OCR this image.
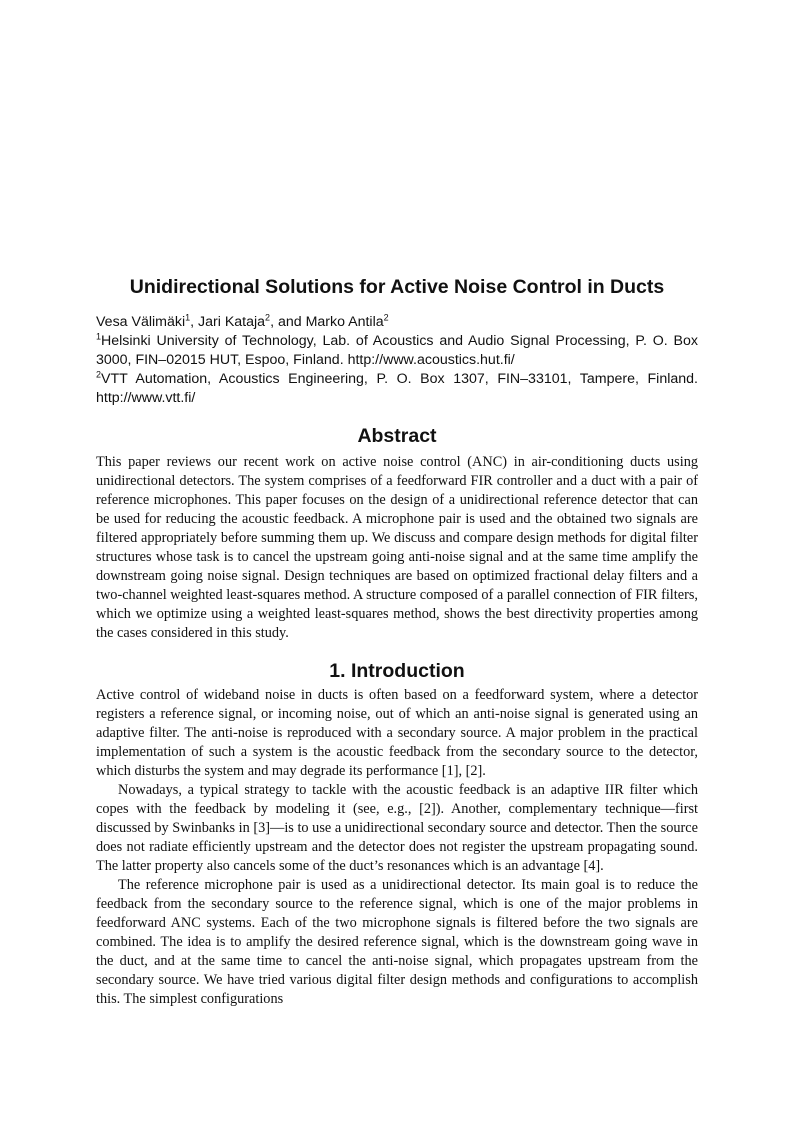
Unidirectional Solutions for Active Noise Control in Ducts

Vesa Välimäki$^1$, Jari Kataja$^2$, and Marko Antila$^2$

$^1$Helsinki University of Technology, Lab. of Acoustics and Audio Signal Processing, P. O. Box 3000, FIN–02015 HUT, Espoo, Finland. http://www.acoustics.hut.fi/

$^2$VTT Automation, Acoustics Engineering, P. O. Box 1307, FIN–33101, Tampere, Finland. http://www.vtt.fi/

Abstract

This paper reviews our recent work on active noise control (ANC) in air-conditioning ducts using unidirectional detectors. The system comprises of a feedforward FIR controller and a duct with a pair of reference microphones. This paper focuses on the design of a unidirectional reference detector that can be used for reducing the acoustic feedback. A microphone pair is used and the obtained two signals are filtered appropriately before summing them up. We discuss and compare design methods for digital filter structures whose task is to cancel the upstream going anti-noise signal and at the same time amplify the downstream going noise signal. Design techniques are based on optimized fractional delay filters and a two-channel weighted least-squares method. A structure composed of a parallel connection of FIR filters, which we optimize using a weighted least-squares method, shows the best directivity properties among the cases considered in this study.

1. Introduction

Active control of wideband noise in ducts is often based on a feedforward system, where a detector registers a reference signal, or incoming noise, out of which an anti-noise signal is generated using an adaptive filter. The anti-noise is reproduced with a secondary source. A major problem in the practical implementation of such a system is the acoustic feedback from the secondary source to the detector, which disturbs the system and may degrade its performance [1], [2].

Nowadays, a typical strategy to tackle with the acoustic feedback is an adaptive IIR filter which copes with the feedback by modeling it (see, e.g., [2]). Another, complementary technique—first discussed by Swinbanks in [3]—is to use a unidirectional secondary source and detector. Then the source does not radiate efficiently upstream and the detector does not register the upstream propagating sound. The latter property also cancels some of the duct’s resonances which is an advantage [4].

The reference microphone pair is used as a unidirectional detector. Its main goal is to reduce the feedback from the secondary source to the reference signal, which is one of the major problems in feedforward ANC systems. Each of the two microphone signals is filtered before the two signals are combined. The idea is to amplify the desired reference signal, which is the downstream going wave in the duct, and at the same time to cancel the anti-noise signal, which propagates upstream from the secondary source. We have tried various digital filter design methods and configurations to accomplish this. The simplest configurations
